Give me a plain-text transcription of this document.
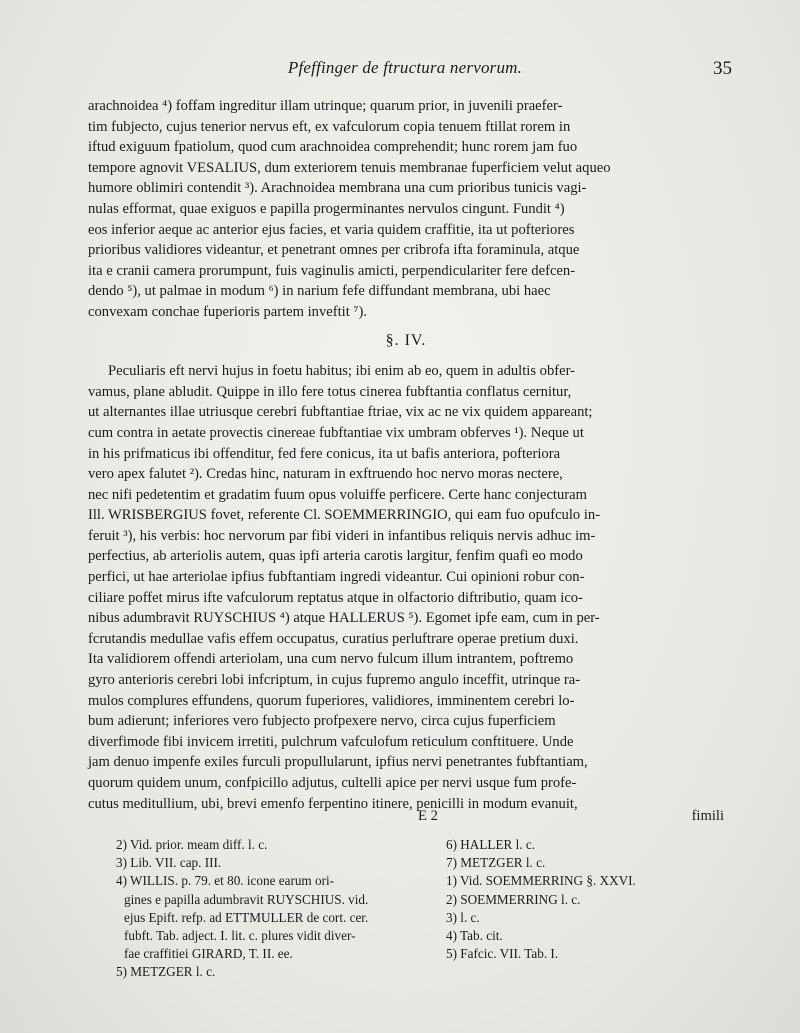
Pfeffinger de ftructura nervorum.	35
arachnoidea ⁴) foffam ingreditur illam utrinque; quarum prior, in juvenili praefer-
tim fubjecto, cujus tenerior nervus eft, ex vafculorum copia tenuem ftillat rorem in
iftud exiguum fpatiolum, quod cum arachnoidea comprehendit; hunc rorem jam fuo
tempore agnovit VESALIUS, dum exteriorem tenuis membranae fuperficiem velut aqueo
humore oblimiri contendit ³). Arachnoidea membrana una cum prioribus tunicis vagi-
nulas efformat, quae exiguos e papilla progerminantes nervulos cingunt. Fundit ⁴)
eos inferior aeque ac anterior ejus facies, et varia quidem craffitie, ita ut pofteriores
prioribus validiores videantur, et penetrant omnes per cribrofa ifta foraminula, atque
ita e cranii camera prorumpunt, fuis vaginulis amicti, perpendiculariter fere defcen-
dendo ⁵), ut palmae in modum ⁶) in narium fefe diffundant membrana, ubi haec
convexam conchae fuperioris partem inveftit ⁷).
§. IV.
Peculiaris eft nervi hujus in foetu habitus; ibi enim ab eo, quem in adultis obfer-
vamus, plane abludit. Quippe in illo fere totus cinerea fubftantia conflatus cernitur,
ut alternantes illae utriusque cerebri fubftantiae ftriae, vix ac ne vix quidem appareant;
cum contra in aetate provectis cinereae fubftantiae vix umbram obferves ¹). Neque ut
in his prifmaticus ibi offenditur, fed fere conicus, ita ut bafis anteriora, pofteriora
vero apex falutet ²). Credas hinc, naturam in exftruendo hoc nervo moras nectere,
nec nifi pedetentim et gradatim fuum opus voluiffe perficere. Certe hanc conjecturam
Ill. WRISBERGIUS fovet, referente Cl. SOEMMERRINGIO, qui eam fuo opufculo in-
feruit ³), his verbis: hoc nervorum par fibi videri in infantibus reliquis nervis adhuc im-
perfectius, ab arteriolis autem, quas ipfi arteria carotis largitur, fenfim quafi eo modo
perfici, ut hae arteriolae ipfius fubftantiam ingredi videantur. Cui opinioni robur con-
ciliare poffet mirus ifte vafculorum reptatus atque in olfactorio diftributio, quam ico-
nibus adumbravit RUYSCHIUS ⁴) atque HALLERUS ⁵). Egomet ipfe eam, cum in per-
fcrutandis medullae vafis effem occupatus, curatius perluftrare operae pretium duxi.
Ita validiorem offendi arteriolam, una cum nervo fulcum illum intrantem, poftremo
gyro anterioris cerebri lobi infcriptum, in cujus fupremo angulo inceffit, utrinque ra-
mulos complures effundens, quorum fuperiores, validiores, imminentem cerebri lo-
bum adierunt; inferiores vero fubjecto profpexere nervo, circa cujus fuperficiem
diverfimode fibi invicem irretiti, pulchrum vafculofum reticulum conftituere. Unde
jam denuo impenfe exiles furculi propullularunt, ipfius nervi penetrantes fubftantiam,
quorum quidem unum, confpicillo adjutus, cultelli apice per nervi usque fum profe-
cutus meditullium, ubi, brevi emenfo ferpentino itinere, penicilli in modum evanuit,
E 2	fimili
2) Vid. prior. meam diff. l. c.
3) Lib. VII. cap. III.
4) WILLIS. p. 79. et 80. icone earum ori-
gines e papilla adumbravit RUYSCHIUS. vid.
ejus Epift. refp. ad ETTMULLER de cort. cer.
fubft. Tab. adject. I. lit. c. plures vidit diver-
fae craffitiei GIRARD, T. II. ee.
5) METZGER l. c.
6) HALLER l. c.
7) METZGER l. c.
1) Vid. SOEMMERRING §. XXVI.
2) SOEMMERRING l. c.
3) l. c.
4) Tab. cit.
5) Fafcic. VII. Tab. I.
